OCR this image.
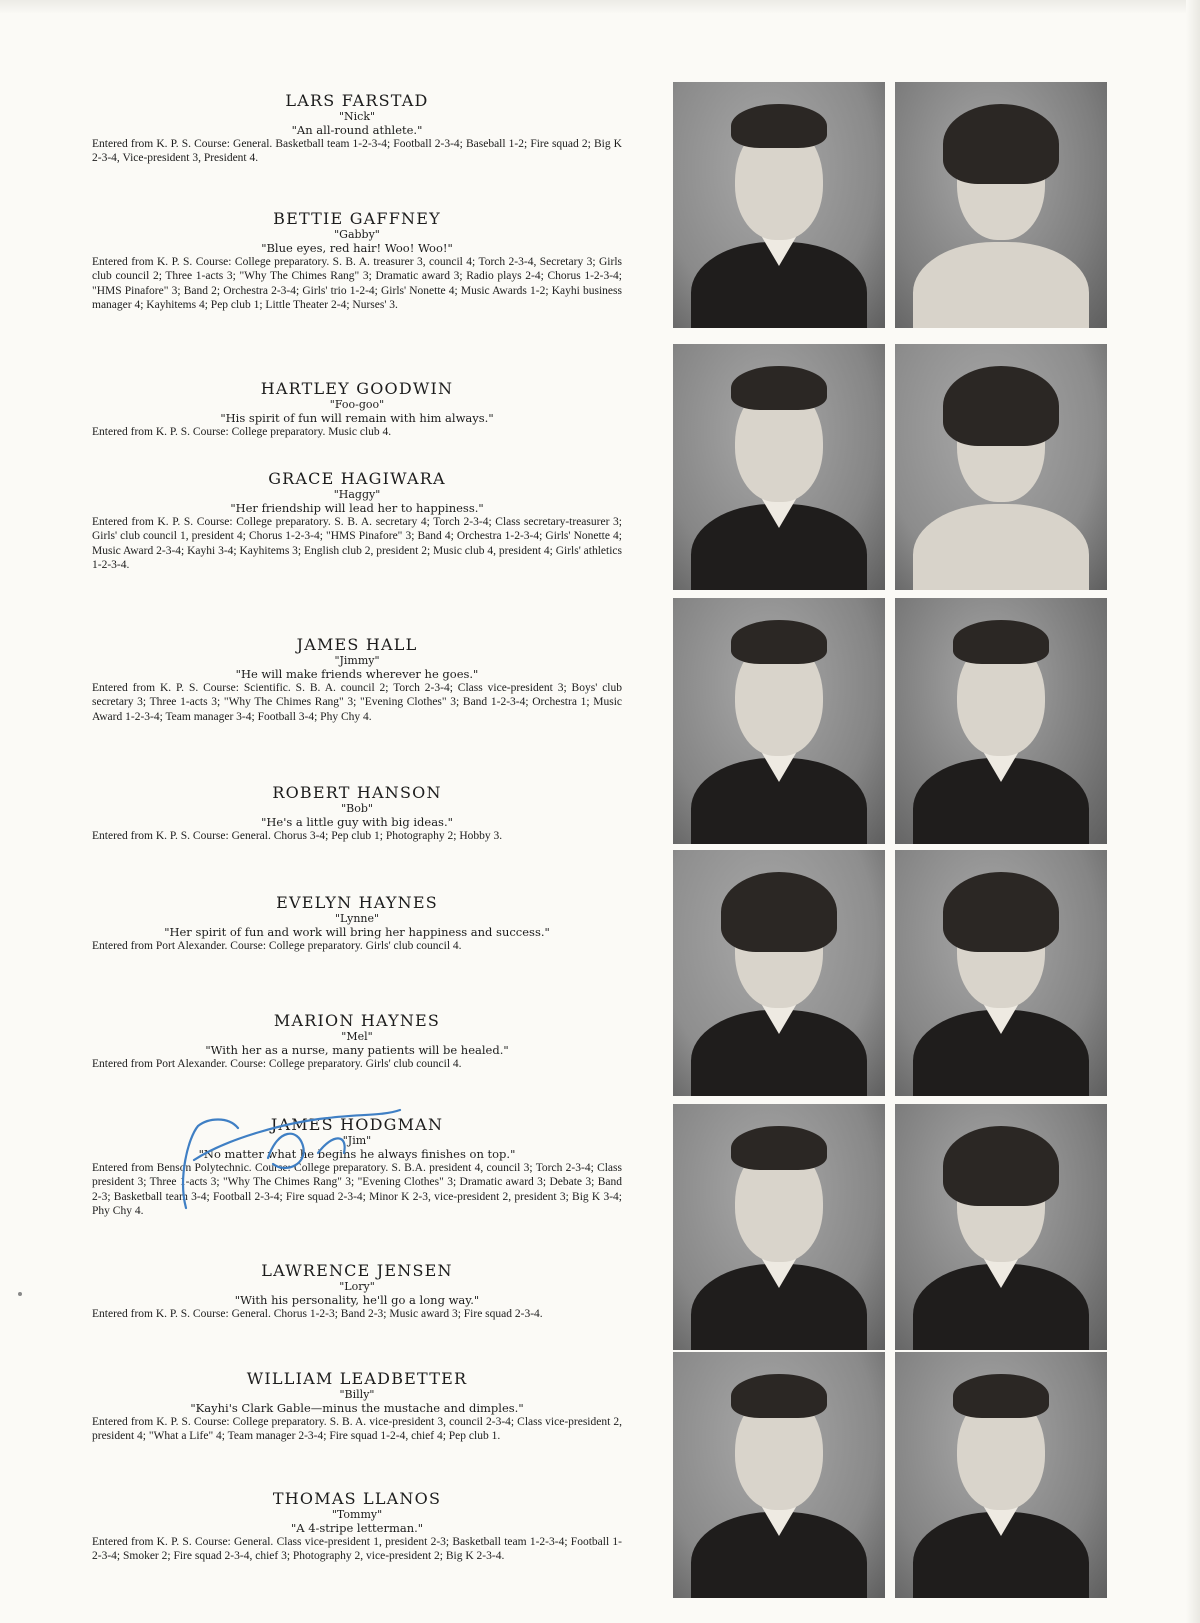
LARS FARSTAD

"Nick"

"An all-round athlete."

Entered from K. P. S. Course: General. Basketball team 1-2-3-4; Football 2-3-4; Baseball 1-2; Fire squad 2; Big K 2-3-4, Vice-president 3, President 4.

BETTIE GAFFNEY

"Gabby"

"Blue eyes, red hair! Woo! Woo!"

Entered from K. P. S. Course: College preparatory. S. B. A. treasurer 3, council 4; Torch 2-3-4, Secretary 3; Girls club council 2; Three 1-acts 3; "Why The Chimes Rang" 3; Dramatic award 3; Radio plays 2-4; Chorus 1-2-3-4; "HMS Pinafore" 3; Band 2; Orchestra 2-3-4; Girls' trio 1-2-4; Girls' Nonette 4; Music Awards 1-2; Kayhi business manager 4; Kayhitems 4; Pep club 1; Little Theater 2-4; Nurses' 3.

HARTLEY GOODWIN

"Foo-goo"

"His spirit of fun will remain with him always."

Entered from K. P. S. Course: College preparatory. Music club 4.

GRACE HAGIWARA

"Haggy"

"Her friendship will lead her to happiness."

Entered from K. P. S. Course: College preparatory. S. B. A. secretary 4; Torch 2-3-4; Class secretary-treasurer 3; Girls' club council 1, president 4; Chorus 1-2-3-4; "HMS Pinafore" 3; Band 4; Orchestra 1-2-3-4; Girls' Nonette 4; Music Award 2-3-4; Kayhi 3-4; Kayhitems 3; English club 2, president 2; Music club 4, president 4; Girls' athletics 1-2-3-4.

JAMES HALL

"Jimmy"

"He will make friends wherever he goes."

Entered from K. P. S. Course: Scientific. S. B. A. council 2; Torch 2-3-4; Class vice-president 3; Boys' club secretary 3; Three 1-acts 3; "Why The Chimes Rang" 3; "Evening Clothes" 3; Band 1-2-3-4; Orchestra 1; Music Award 1-2-3-4; Team manager 3-4; Football 3-4; Phy Chy 4.

ROBERT HANSON

"Bob"

"He's a little guy with big ideas."

Entered from K. P. S. Course: General. Chorus 3-4; Pep club 1; Photography 2; Hobby 3.

EVELYN HAYNES

"Lynne"

"Her spirit of fun and work will bring her happiness and success."

Entered from Port Alexander. Course: College preparatory. Girls' club council 4.

MARION HAYNES

"Mel"

"With her as a nurse, many patients will be healed."

Entered from Port Alexander. Course: College preparatory. Girls' club council 4.

JAMES HODGMAN

"Jim"

"No matter what he begins he always finishes on top."

Entered from Benson Polytechnic. Course: College preparatory. S. B.A. president 4, council 3; Torch 2-3-4; Class president 3; Three 1-acts 3; "Why The Chimes Rang" 3; "Evening Clothes" 3; Dramatic award 3; Debate 3; Band 2-3; Basketball team 3-4; Football 2-3-4; Fire squad 2-3-4; Minor K 2-3, vice-president 2, president 3; Big K 3-4; Phy Chy 4.

LAWRENCE JENSEN

"Lory"

"With his personality, he'll go a long way."

Entered from K. P. S. Course: General. Chorus 1-2-3; Band 2-3; Music award 3; Fire squad 2-3-4.

WILLIAM LEADBETTER

"Billy"

"Kayhi's Clark Gable—minus the mustache and dimples."

Entered from K. P. S. Course: College preparatory. S. B. A. vice-president 3, council 2-3-4; Class vice-president 2, president 4; "What a Life" 4; Team manager 2-3-4; Fire squad 1-2-4, chief 4; Pep club 1.

THOMAS LLANOS

"Tommy"

"A 4-stripe letterman."

Entered from K. P. S. Course: General. Class vice-president 1, president 2-3; Basketball team 1-2-3-4; Football 1-2-3-4; Smoker 2; Fire squad 2-3-4, chief 3; Photography 2, vice-president 2; Big K 2-3-4.
